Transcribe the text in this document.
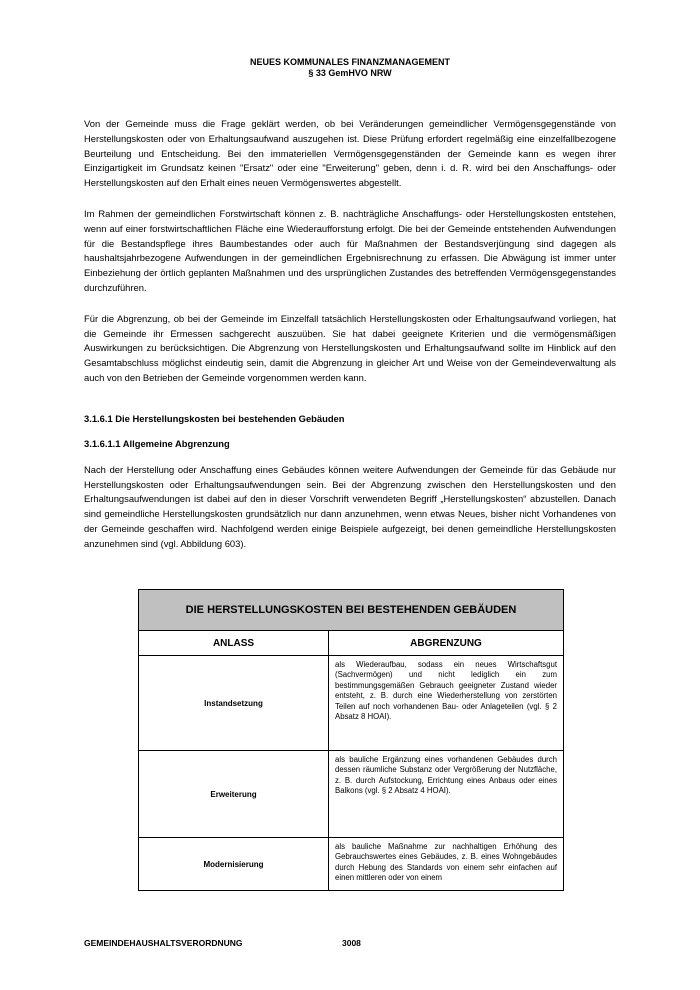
NEUES KOMMUNALES FINANZMANAGEMENT
§ 33 GemHVO NRW

Von der Gemeinde muss die Frage geklärt werden, ob bei Veränderungen gemeindlicher Vermögensgegenstände von Herstellungskosten oder von Erhaltungsaufwand auszugehen ist. Diese Prüfung erfordert regelmäßig eine einzelfallbezogene Beurteilung und Entscheidung. Bei den immateriellen Vermögensgegenständen der Gemeinde kann es wegen ihrer Einzigartigkeit im Grundsatz keinen "Ersatz" oder eine "Erweiterung" geben, denn i. d. R. wird bei den Anschaffungs- oder Herstellungskosten auf den Erhalt eines neuen Vermögenswertes abgestellt.

Im Rahmen der gemeindlichen Forstwirtschaft können z. B. nachträgliche Anschaffungs- oder Herstellungskosten entstehen, wenn auf einer forstwirtschaftlichen Fläche eine Wiederaufforstung erfolgt. Die bei der Gemeinde entstehenden Aufwendungen für die Bestandspflege ihres Baumbestandes oder auch für Maßnahmen der Bestandsverjüngung sind dagegen als haushaltsjahrbezogene Aufwendungen in der gemeindlichen Ergebnisrechnung zu erfassen. Die Abwägung ist immer unter Einbeziehung der örtlich geplanten Maßnahmen und des ursprünglichen Zustandes des betreffenden Vermögensgegenstandes durchzuführen.

Für die Abgrenzung, ob bei der Gemeinde im Einzelfall tatsächlich Herstellungskosten oder Erhaltungsaufwand vorliegen, hat die Gemeinde ihr Ermessen sachgerecht auszuüben. Sie hat dabei geeignete Kriterien und die vermögensmäßigen Auswirkungen zu berücksichtigen. Die Abgrenzung von Herstellungskosten und Erhaltungsaufwand sollte im Hinblick auf den Gesamtabschluss möglichst eindeutig sein, damit die Abgrenzung in gleicher Art und Weise von der Gemeindeverwaltung als auch von den Betrieben der Gemeinde vorgenommen werden kann.

3.1.6.1 Die Herstellungskosten bei bestehenden Gebäuden
3.1.6.1.1 Allgemeine Abgrenzung

Nach der Herstellung oder Anschaffung eines Gebäudes können weitere Aufwendungen der Gemeinde für das Gebäude nur Herstellungskosten oder Erhaltungsaufwendungen sein. Bei der Abgrenzung zwischen den Herstellungskosten und den Erhaltungsaufwendungen ist dabei auf den in dieser Vorschrift verwendeten Begriff „Herstellungskosten“ abzustellen. Danach sind gemeindliche Herstellungskosten grundsätzlich nur dann anzunehmen, wenn etwas Neues, bisher nicht Vorhandenes von der Gemeinde geschaffen wird. Nachfolgend werden einige Beispiele aufgezeigt, bei denen gemeindliche Herstellungskosten anzunehmen sind (vgl. Abbildung 603).

DIE HERSTELLUNGSKOSTEN BEI BESTEHENDEN GEBÄUDEN	
ANLASS	ABGRENZUNG
Instandsetzung	als Wiederaufbau, sodass ein neues Wirtschaftsgut (Sachvermögen) und nicht lediglich ein zum bestimmungsgemäßen Gebrauch geeigneter Zustand wieder entsteht, z. B. durch eine Wiederherstellung von zerstörten Teilen auf noch vorhandenen Bau- oder Anlageteilen (vgl. § 2 Absatz 8 HOAI).
Erweiterung	als bauliche Ergänzung eines vorhandenen Gebäudes durch dessen räumliche Substanz oder Vergrößerung der Nutzfläche, z. B. durch Aufstockung, Errichtung eines Anbaus oder eines Balkons (vgl. § 2 Absatz 4 HOAI).
Modernisierung	als bauliche Maßnahme zur nachhaltigen Erhöhung des Gebrauchswertes eines Gebäudes, z. B. eines Wohngebäudes durch Hebung des Standards von einem sehr einfachen auf einen mittleren oder von einem
GEMEINDEHAUSHALTSVERORDNUNG	3008
